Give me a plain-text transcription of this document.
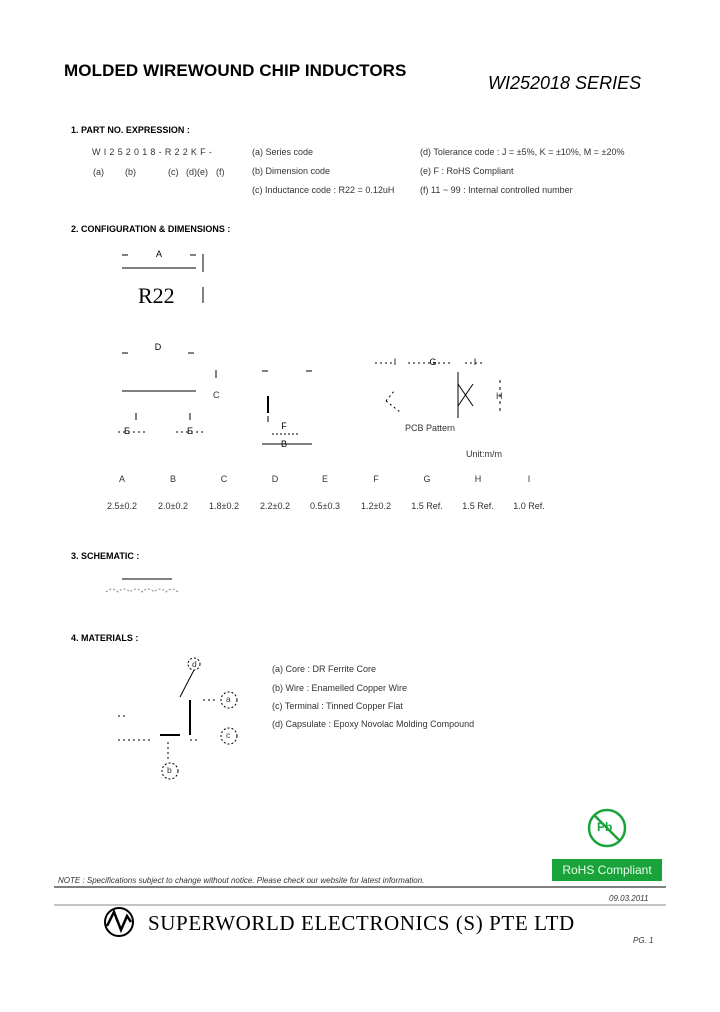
MOLDED WIREWOUND CHIP INDUCTORS
WI252018 SERIES
1. PART NO. EXPRESSION :
WI252018-R22KF-
(a) (b)	(c) (d)(e) (f)
(a) Series code
(b) Dimension code
(c) Inductance code : R22 = 0.12uH
(d) Tolerance code : J = ±5%, K = ±10%, M = ±20%
(e) F : RoHS Compliant
(f) 11 ~ 99 : Internal controlled number
2. CONFIGURATION & DIMENSIONS :
R22
A
D
C
E	E	F
B
G
H
I	I
PCB Pattern
Unit:m/m
A	B	C	D	E	F	G	H	I
2.5±0.2	2.0±0.2	1.8±0.2	2.2±0.2	0.5±0.3	1.2±0.2	1.5 Ref.	1.5 Ref.	1.0 Ref.
3. SCHEMATIC :
4. MATERIALS :
d
a
c
b
(a) Core : DR Ferrite Core
(b) Wire : Enamelled Copper Wire
(c) Terminal : Tinned Copper Flat
(d) Capsulate : Epoxy Novolac Molding Compound
Pb
RoHS Compliant
NOTE : Specifications subject to change without notice. Please check our website for latest information.
09.03.2011
SUPERWORLD ELECTRONICS (S) PTE LTD
PG. 1
